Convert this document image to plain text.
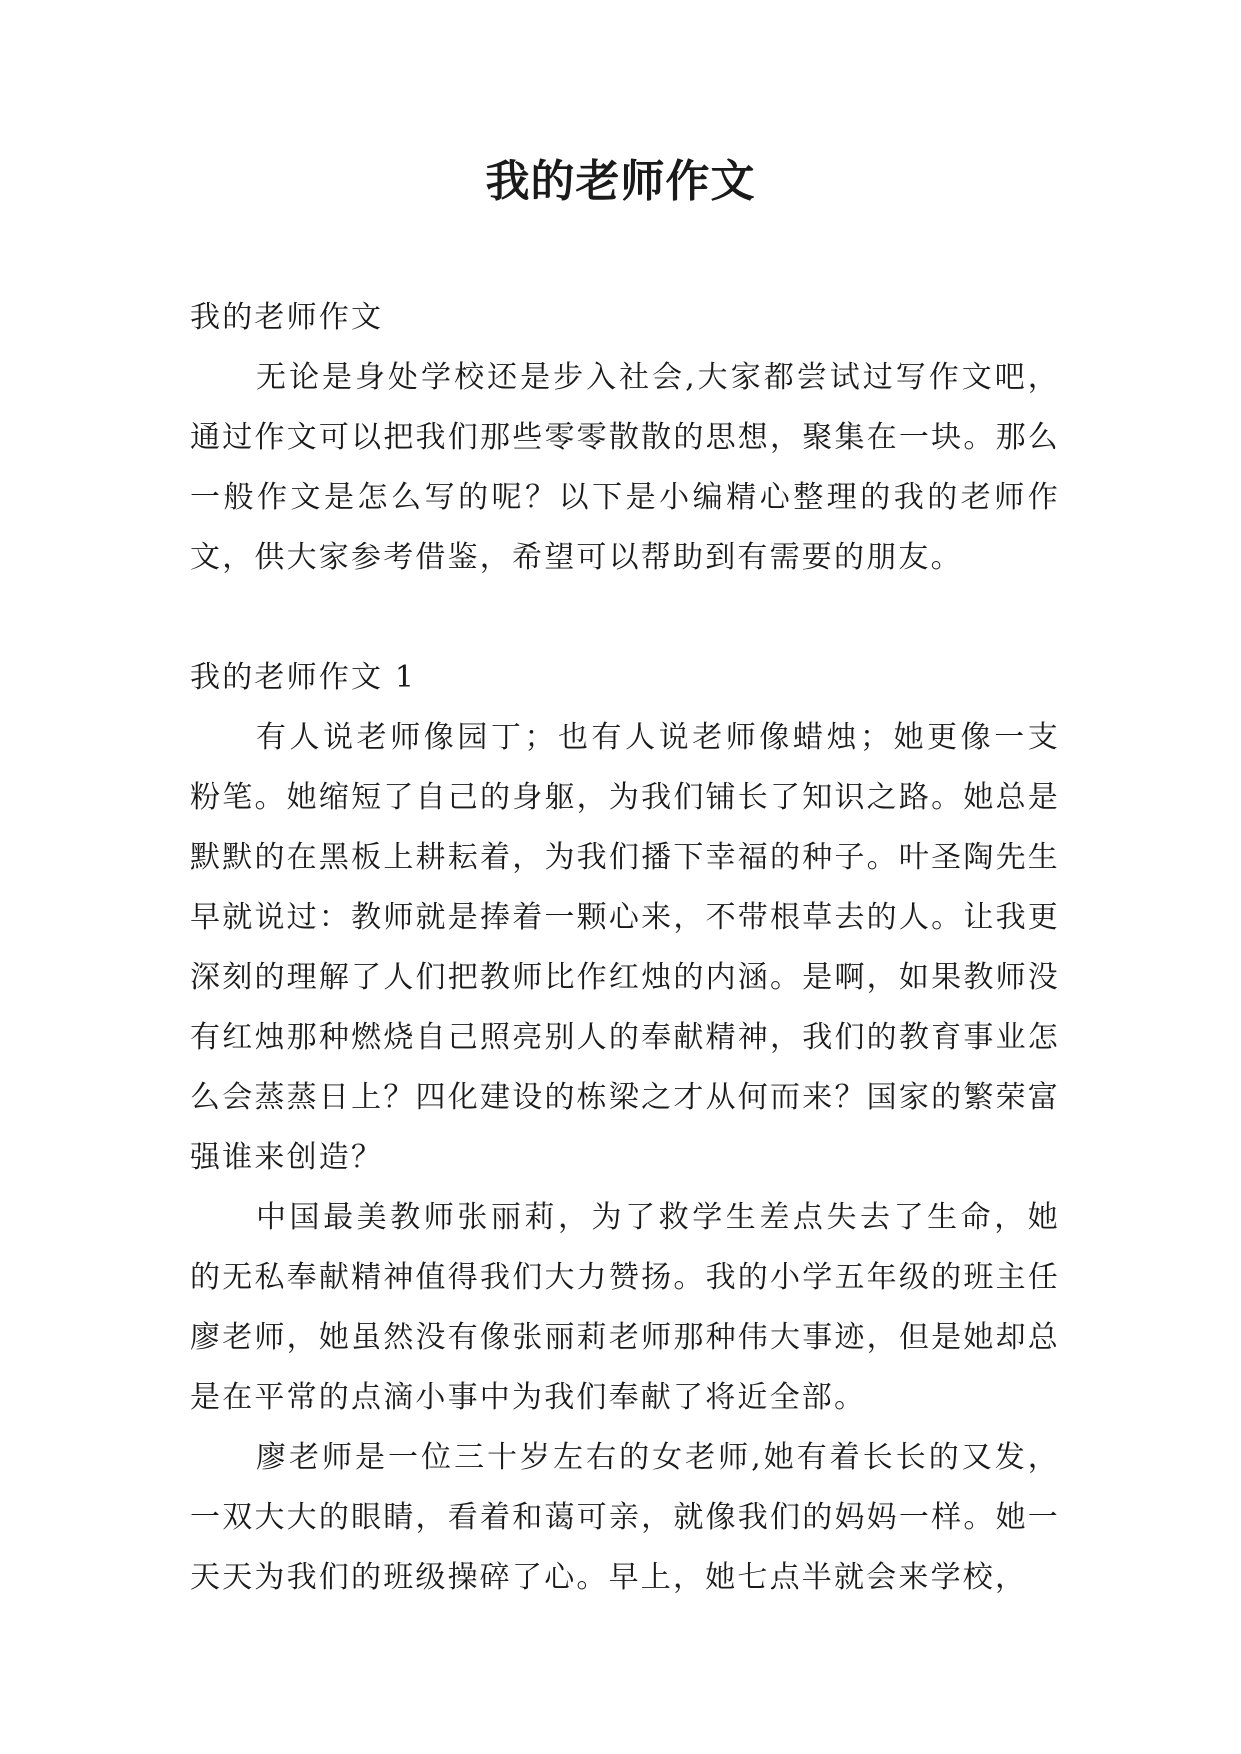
我的老师作文

我的老师作文

无论是身处学校还是步入社会,大家都尝试过写作文吧，通过作文可以把我们那些零零散散的思想，聚集在一块。那么一般作文是怎么写的呢？以下是小编精心整理的我的老师作文，供大家参考借鉴，希望可以帮助到有需要的朋友。

我的老师作文 1

有人说老师像园丁；也有人说老师像蜡烛；她更像一支粉笔。她缩短了自己的身躯，为我们铺长了知识之路。她总是默默的在黑板上耕耘着，为我们播下幸福的种子。叶圣陶先生早就说过：教师就是捧着一颗心来，不带根草去的人。让我更深刻的理解了人们把教师比作红烛的内涵。是啊，如果教师没有红烛那种燃烧自己照亮别人的奉献精神，我们的教育事业怎么会蒸蒸日上？四化建设的栋梁之才从何而来？国家的繁荣富强谁来创造？

中国最美教师张丽莉，为了救学生差点失去了生命，她的无私奉献精神值得我们大力赞扬。我的小学五年级的班主任廖老师，她虽然没有像张丽莉老师那种伟大事迹，但是她却总是在平常的点滴小事中为我们奉献了将近全部。

廖老师是一位三十岁左右的女老师,她有着长长的又发，一双大大的眼睛，看着和蔼可亲，就像我们的妈妈一样。她一天天为我们的班级操碎了心。早上，她七点半就会来学校，
